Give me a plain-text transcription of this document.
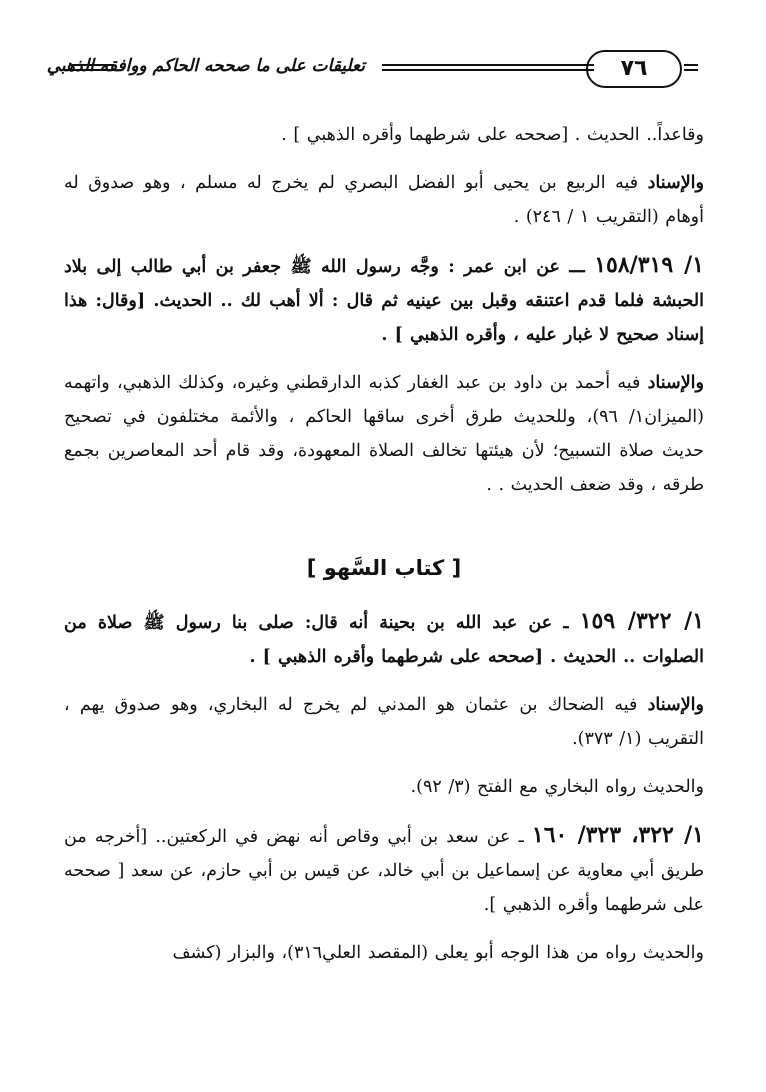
تعليقات على ما صححه الحاكم ووافقه الذهبي	٧٦

وقاعداً.. الحديث . [صححه على شرطهما وأقره الذهبي ] .

والإسناد فيه الربيع بن يحيى أبو الفضل البصري لم يخرج له مسلم ، وهو صدوق له أوهام (التقريب ١ / ٢٤٦) .

١/ ١٥٨/٣١٩ ـــ عن ابن عمر : وجَّه رسول الله ﷺ جعفر بن أبي طالب إلى بلاد الحبشة فلما قدم اعتنقه وقبل بين عينيه ثم قال : ألا أهب لك .. الحديث. [وقال: هذا إسناد صحيح لا غبار عليه ، وأقره الذهبي ] .

والإسناد فيه أحمد بن داود بن عبد الغفار كذبه الدارقطني وغيره، وكذلك الذهبي، واتهمه (الميزان١/ ٩٦)، وللحديث طرق أخرى ساقها الحاكم ، والأئمة مختلفون في تصحيح حديث صلاة التسبيح؛ لأن هيئتها تخالف الصلاة المعهودة، وقد قام أحد المعاصرين بجمع طرقه ، وقد ضعف الحديث . .

[ كتاب السَّهو ]

١/ ٣٢٢/ ١٥٩ ـ عن عبد الله بن بحينة أنه قال: صلى بنا رسول ﷺ صلاة من الصلوات .. الحديث . [صححه على شرطهما وأقره الذهبي ] .

والإسناد فيه الضحاك بن عثمان هو المدني لم يخرج له البخاري، وهو صدوق يهم ، التقريب (١/ ٣٧٣).

والحديث رواه البخاري مع الفتح (٣/ ٩٢).

١/ ٣٢٢، ٣٢٣/ ١٦٠ ـ عن سعد بن أبي وقاص أنه نهض في الركعتين.. [أخرجه من طريق أبي معاوية عن إسماعيل بن أبي خالد، عن قيس بن أبي حازم، عن سعد [ صححه على شرطهما وأقره الذهبي ].

والحديث رواه من هذا الوجه أبو يعلى (المقصد العلي٣١٦)، والبزار (كشف
